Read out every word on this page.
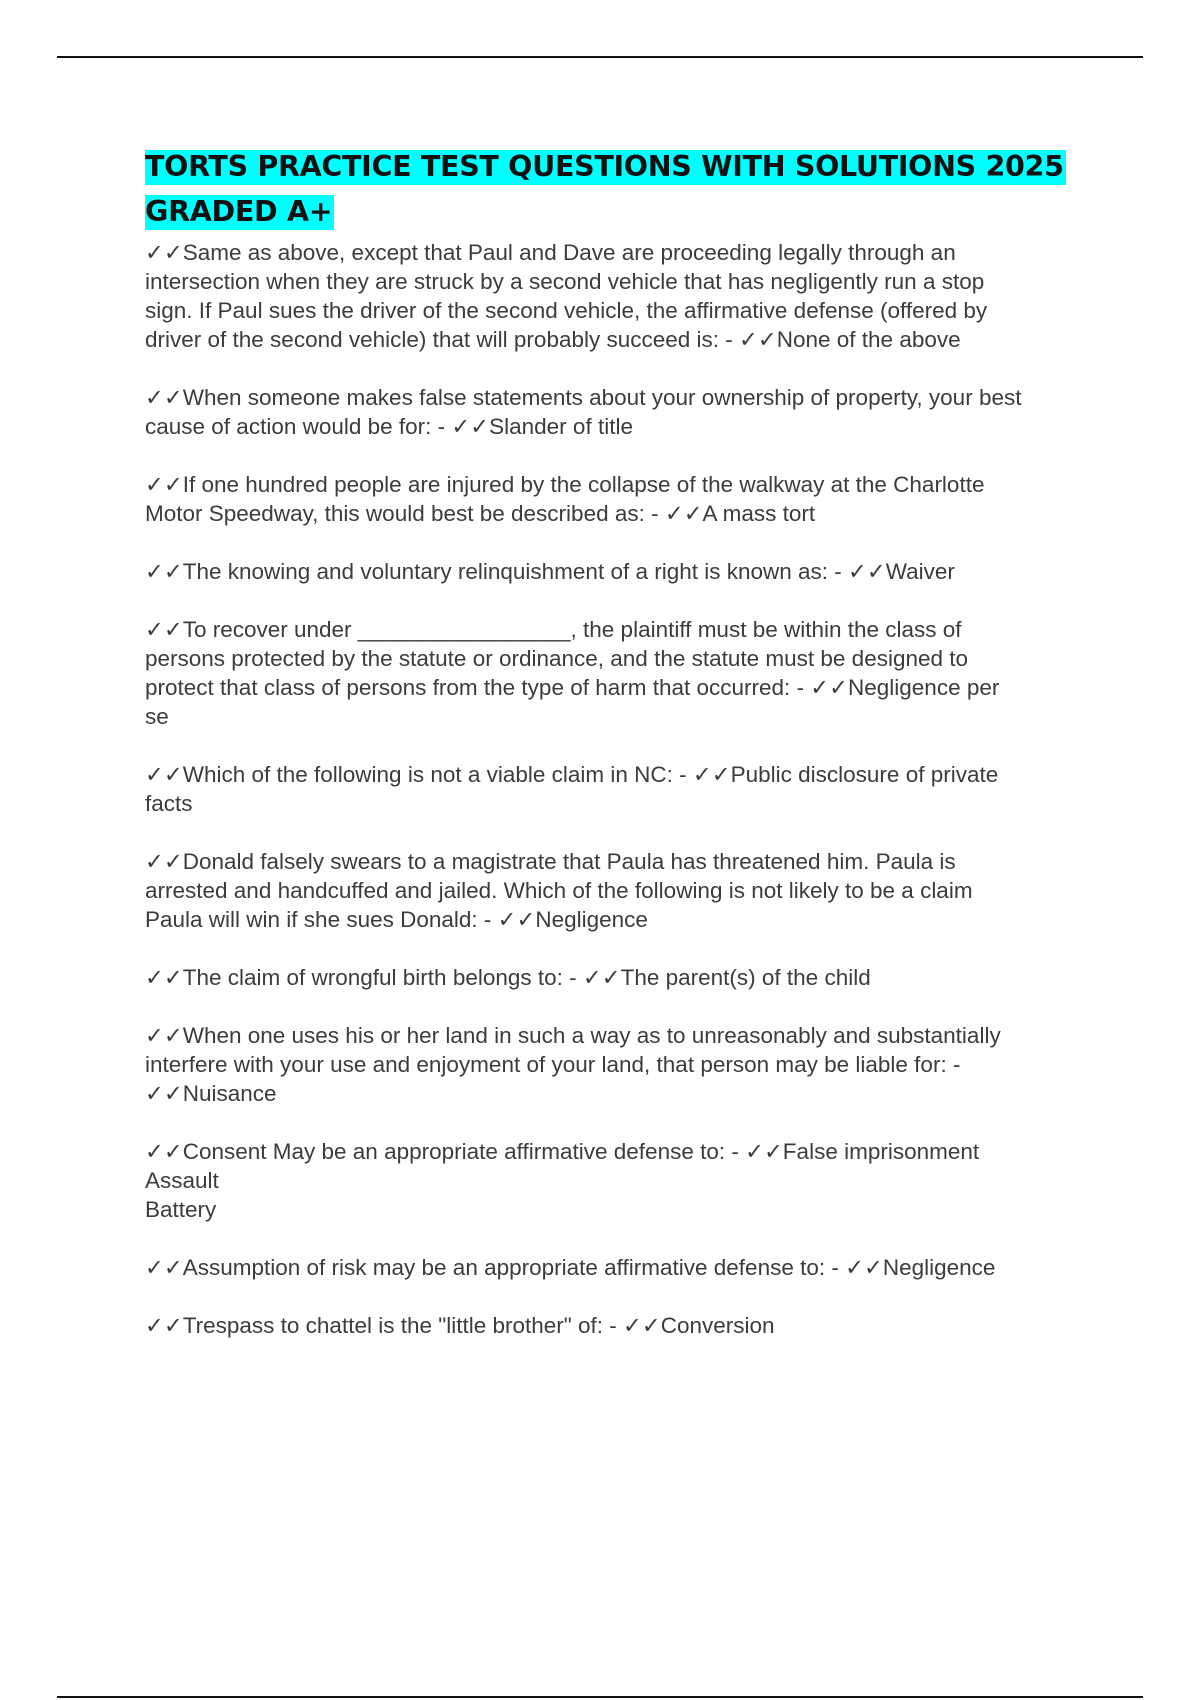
TORTS PRACTICE TEST QUESTIONS WITH SOLUTIONS 2025 GRADED A+
✓✓Same as above, except that Paul and Dave are proceeding legally through an
intersection when they are struck by a second vehicle that has negligently run a stop
sign. If Paul sues the driver of the second vehicle, the affirmative defense (offered by
driver of the second vehicle) that will probably succeed is: - ✓✓None of the above
✓✓When someone makes false statements about your ownership of property, your best
cause of action would be for: - ✓✓Slander of title
✓✓If one hundred people are injured by the collapse of the walkway at the Charlotte
Motor Speedway, this would best be described as: - ✓✓A mass tort
✓✓The knowing and voluntary relinquishment of a right is known as: - ✓✓Waiver
✓✓To recover under _________________, the plaintiff must be within the class of
persons protected by the statute or ordinance, and the statute must be designed to
protect that class of persons from the type of harm that occurred: - ✓✓Negligence per
se
✓✓Which of the following is not a viable claim in NC: - ✓✓Public disclosure of private
facts
✓✓Donald falsely swears to a magistrate that Paula has threatened him. Paula is
arrested and handcuffed and jailed. Which of the following is not likely to be a claim
Paula will win if she sues Donald: - ✓✓Negligence
✓✓The claim of wrongful birth belongs to: - ✓✓The parent(s) of the child
✓✓When one uses his or her land in such a way as to unreasonably and substantially
interfere with your use and enjoyment of your land, that person may be liable for: -
✓✓Nuisance
✓✓Consent May be an appropriate affirmative defense to: - ✓✓False imprisonment
Assault
Battery
✓✓Assumption of risk may be an appropriate affirmative defense to: - ✓✓Negligence
✓✓Trespass to chattel is the "little brother" of: - ✓✓Conversion
